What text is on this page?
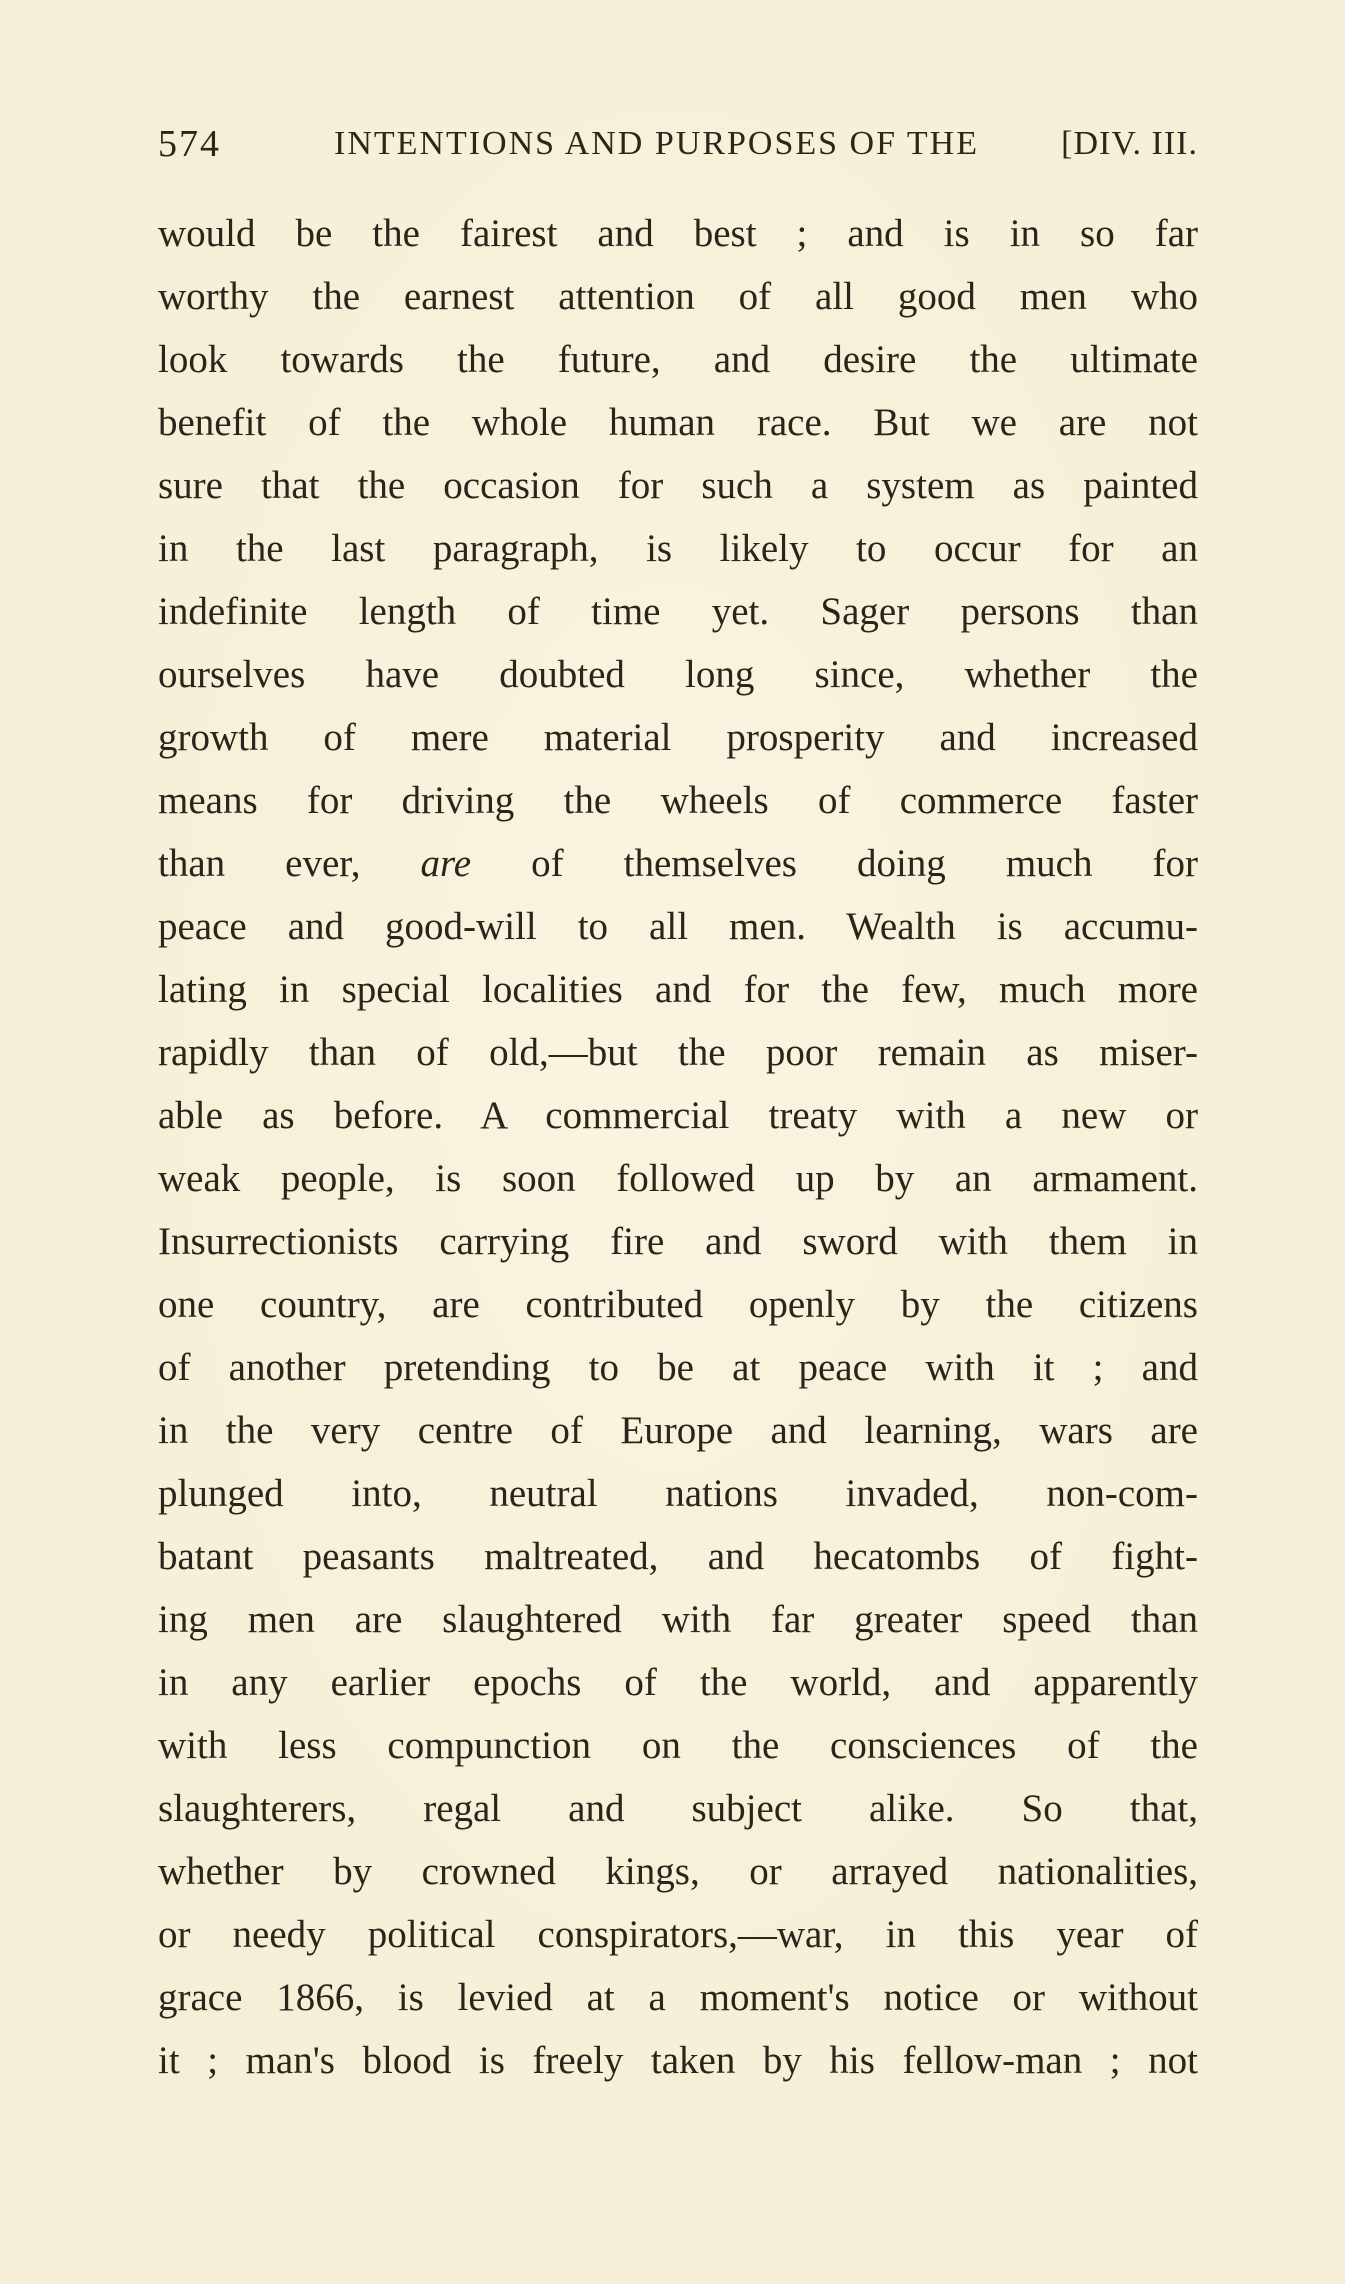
574	INTENTIONS AND PURPOSES OF THE [DIV. III.
would be the fairest and best ; and is in so far
worthy the earnest attention of all good men who
look towards the future, and desire the ultimate
benefit of the whole human race. But we are not
sure that the occasion for such a system as painted
in the last paragraph, is likely to occur for an
indefinite length of time yet. Sager persons than
ourselves have doubted long since, whether the
growth of mere material prosperity and increased
means for driving the wheels of commerce faster
than ever, are of themselves doing much for
peace and good-will to all men. Wealth is accumu-
lating in special localities and for the few, much more
rapidly than of old,—but the poor remain as miser-
able as before. A commercial treaty with a new or
weak people, is soon followed up by an armament.
Insurrectionists carrying fire and sword with them in
one country, are contributed openly by the citizens
of another pretending to be at peace with it ; and
in the very centre of Europe and learning, wars are
plunged into, neutral nations invaded, non-com-
batant peasants maltreated, and hecatombs of fight-
ing men are slaughtered with far greater speed than
in any earlier epochs of the world, and apparently
with less compunction on the consciences of the
slaughterers, regal and subject alike. So that,
whether by crowned kings, or arrayed nationalities,
or needy political conspirators,—war, in this year of
grace 1866, is levied at a moment's notice or without
it ; man's blood is freely taken by his fellow-man ; not
